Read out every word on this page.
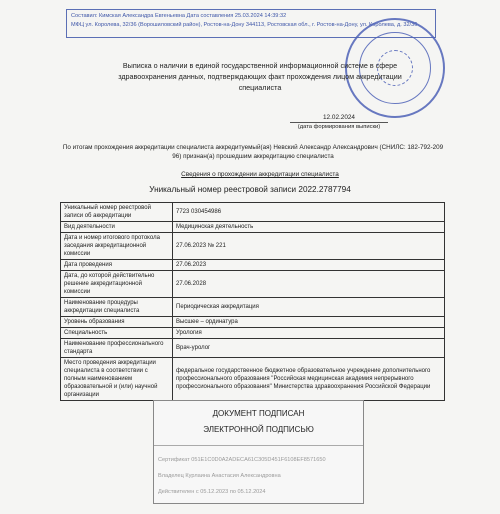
Составил: Кимская Александра Евгеньевна Дата составления 25.03.2024 14:39:32
МФЦ ул. Королева, 32/36 (Ворошиловский район), Ростов-на-Дону 344113, Ростовская обл., г. Ростов-на-Дону, ул. Королева, д. 32/36
Выписка о наличии в единой государственной информационной системе в сфере здравоохранения данных, подтверждающих факт прохождения лицом аккредитации специалиста
12.02.2024
(дата формирования выписки)
По итогам прохождения аккредитации специалиста аккредитуемый(ая) Невский Александр Александрович (СНИЛС: 182-792-209 96) признан(а) прошедшим аккредитацию специалиста
Сведения о прохождении аккредитации специалиста
Уникальный номер реестровой записи 2022.2787794
Уникальный номер реестровой записи об аккредитации	7723 030454986
Вид деятельности	Медицинская деятельность
Дата и номер итогового протокола заседания аккредитационной комиссии	27.06.2023 № 221
Дата проведения	27.06.2023
Дата, до которой действительно решение аккредитационной комиссии	27.06.2028
Наименование процедуры аккредитации специалиста	Периодическая аккредитация
Уровень образования	Высшее – ординатура
Специальность	Урология
Наименование профессионального стандарта	Врач-уролог
Место проведения аккредитации специалиста в соответствии с полным наименованием образовательной и (или) научной организации	федеральное государственное бюджетное образовательное учреждение дополнительного профессионального образования "Российская медицинская академия непрерывного профессионального образования" Министерства здравоохранения Российской Федерации
ДОКУМЕНТ ПОДПИСАН
ЭЛЕКТРОННОЙ ПОДПИСЬЮ
Сертификат 051E1C0D0A2ADECA61C305D451F6108EF8571650
Владелец Курлаина Анастасия Александровна
Действителен с 05.12.2023 по 05.12.2024
